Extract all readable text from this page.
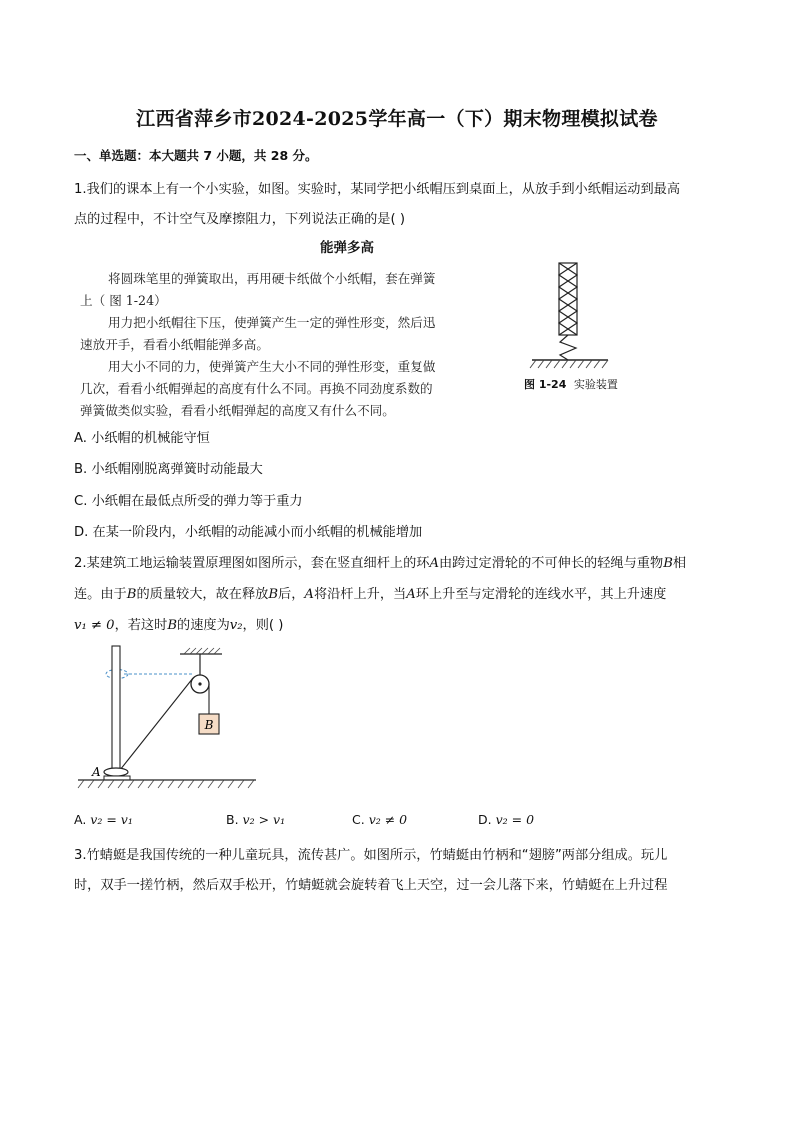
江西省萍乡市2024-2025学年高一（下）期末物理模拟试卷
一、单选题：本大题共 7 小题，共 28 分。
1.我们的课本上有一个小实验，如图。实验时，某同学把小纸帽压到桌面上，从放手到小纸帽运动到最高
点的过程中，不计空气及摩擦阻力，下列说法正确的是( )
能弹多高
将圆珠笔里的弹簧取出，再用硬卡纸做个小纸帽，套在弹簧
上（ 图 1-24）
用力把小纸帽往下压，使弹簧产生一定的弹性形变，然后迅
速放开手，看看小纸帽能弹多高。
用大小不同的力，使弹簧产生大小不同的弹性形变，重复做
几次，看看小纸帽弹起的高度有什么不同。再换不同劲度系数的
弹簧做类似实验，看看小纸帽弹起的高度又有什么不同。
图 1-24 实验装置
A. 小纸帽的机械能守恒
B. 小纸帽刚脱离弹簧时动能最大
C. 小纸帽在最低点所受的弹力等于重力
D. 在某一阶段内，小纸帽的动能减小而小纸帽的机械能增加
2.某建筑工地运输装置原理图如图所示，套在竖直细杆上的环A由跨过定滑轮的不可伸长的轻绳与重物B相
连。由于B的质量较大，故在释放B后，A将沿杆上升，当A环上升至与定滑轮的连线水平，其上升速度
v₁ ≠ 0，若这时B的速度为v₂，则( )
B
A
A. v₂ = v₁	B. v₂ > v₁	C. v₂ ≠ 0	D. v₂ = 0
3.竹蜻蜓是我国传统的一种儿童玩具，流传甚广。如图所示，竹蜻蜓由竹柄和“翅膀”两部分组成。玩儿
时，双手一搓竹柄，然后双手松开，竹蜻蜓就会旋转着飞上天空，过一会儿落下来，竹蜻蜓在上升过程
